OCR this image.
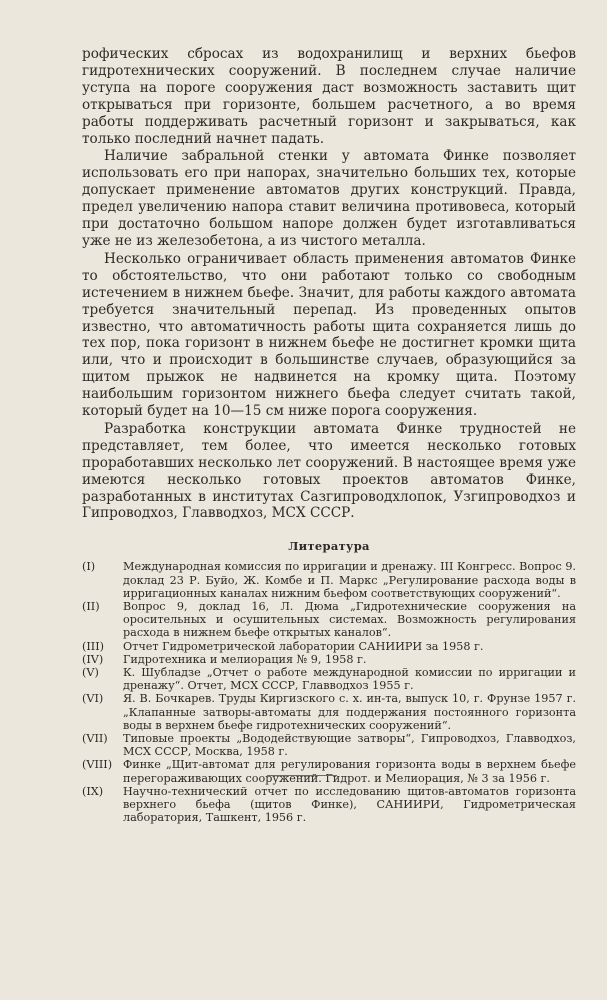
рофических сбросах из водохранилищ и верхних бьефов гидротехнических сооружений. В последнем случае наличие уступа на пороге сооружения даст возможность заставить щит открываться при горизонте, большем расчетного, а во время работы поддерживать расчетный горизонт и закрываться, как только последний начнет падать.

Наличие забральной стенки у автомата Финке позволяет использовать его при напорах, значительно больших тех, которые допускает применение автоматов других конструкций. Правда, предел увеличению напора ставит величина противовеса, который при достаточно большом напоре должен будет изготавливаться уже не из железобетона, а из чистого металла.

Несколько ограничивает область применения автоматов Финке то обстоятельство, что они работают только со свободным истечением в нижнем бьефе. Значит, для работы каждого автомата требуется значительный перепад. Из проведенных опытов известно, что автоматичность работы щита сохраняется лишь до тех пор, пока горизонт в нижнем бьефе не достигнет кромки щита или, что и происходит в большинстве случаев, образующийся за щитом прыжок не надвинется на кромку щита. Поэтому наибольшим горизонтом нижнего бьефа следует считать такой, который будет на 10—15 см ниже порога сооружения.

Разработка конструкции автомата Финке трудностей не представляет, тем более, что имеется несколько готовых проработавших несколько лет сооружений. В настоящее время уже имеются несколько готовых проектов автоматов Финке, разработанных в институтах Сазгипроводхлопок, Узгипроводхоз и Гипроводхоз, Главводхоз, МСХ СССР.

Литература
(I) Международная комиссия по ирригации и дренажу. III Конгресс. Вопрос 9. доклад 23 Р. Буйо, Ж. Комбе и П. Маркс „Регулирование расхода воды в ирригационных каналах нижним бьефом соответствующих сооружений“.
(II) Вопрос 9, доклад 16, Л. Дюма „Гидротехнические сооружения на оросительных и осушительных системах. Возможность регулирования расхода в нижнем бьефе открытых каналов“.
(III) Отчет Гидрометрической лаборатории САНИИРИ за 1958 г.
(IV) Гидротехника и мелиорация № 9, 1958 г.
(V) К. Шубладзе „Отчет о работе международной комиссии по ирригации и дренажу“. Отчет, МСХ СССР, Главводхоз 1955 г.
(VI) Я. В. Бочкарев. Труды Киргизского с. х. ин-та, выпуск 10, г. Фрунзе 1957 г. „Клапанные затворы-автоматы для поддержания постоянного горизонта воды в верхнем бьефе гидротехнических сооружений“.
(VII) Типовые проекты „Вододействующие затворы“, Гипроводхоз, Главводхоз, МСХ СССР, Москва, 1958 г.
(VIII) Финке „Щит-автомат для регулирования горизонта воды в верхнем бьефе перегораживающих сооружений. Гидрот. и Мелиорация, № 3 за 1956 г.
(IX) Научно-технический отчет по исследованию щитов-автоматов горизонта верхнего бьефа (щитов Финке), САНИИРИ, Гидрометрическая лаборатория, Ташкент, 1956 г.
